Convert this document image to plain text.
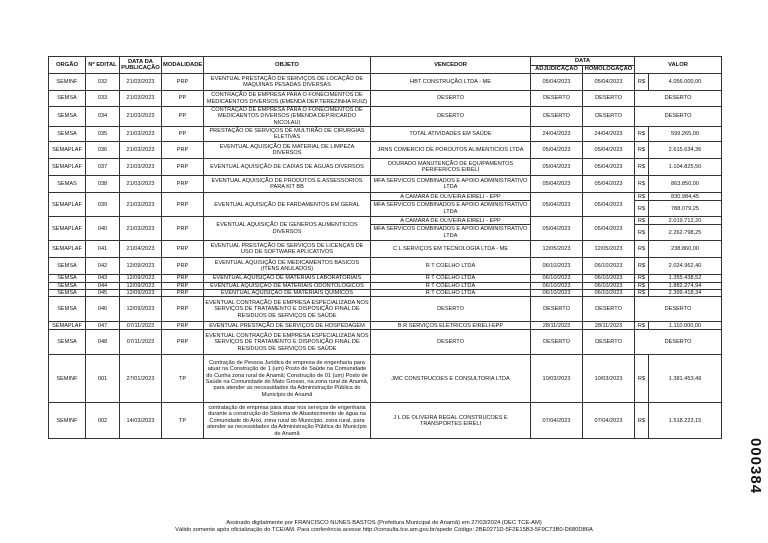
ORGÃO	Nº EDITAL	DATA DA PUBLICAÇÃO	MODALIDADE	OBJETO	VENCEDOR	DATA		VALOR	
						ADJUDICAÇÃO	HOMOLOGAÇÃO		
SEMINF	032	21/03/2023	PRP	EVENTUAL PRESTAÇÃO DE SERVIÇOS DE LOCAÇÃO DE MAQUINAS PESADAS DIVERSAS	HBT CONSTRUÇÃO LTDA - ME	05/04/2023	05/04/2023	R$	4.056.000,00
SEMSA	033	21/03/2023	PP	CONTRAÇÃO DE EMPRESA PARA O FONECIMENTOS DE MEDICAENTOS DIVERSOS (EMENDA DEP.TEREZINHA RUIZ)	DESERTO	DESERTO	DESERTO	DESERTO	
SEMSA	034	21/03/2023	PP	CONTRAÇÃO DE EMPRESA PARA O FONECIMENTOS DE MEDICAENTOS DIVERSOS (EMENDA DEP.RICARDO NICOLAU)	DESERTO	DESERTO	DESERTO	DESERTO	
SEMSA	035	21/03/2023	PP	PRESTAÇÃO DE SERVIÇOS DE MULTIRÃO DE CIRURGIAS ELETIVAS	TOTAL ATIVIDADES EM SAÚDE	24/04/2023	24/04/2023	R$	599.265,00
SEMAPLAF	036	21/03/2023	PRP	EVENTUAL AQUISIÇÃO DE MATERIAL DE LIMPEZA DIVERSOS	JRNS COMERCIO DE POROUTOS ALIMENTICIOS LTDA	05/04/2023	05/04/2023	R$	2.615.634,36
SEMAPLAF	037	21/03/2023	PRP	EVENTUAL AQUISIÇÃO DE CAIXAS DE AGUAS DIVERSOS	DOURADO MANUTENÇÃO DE EQUIPAMENTOS PERIFERICOS EIRELI	05/04/2023	05/04/2023	R$	1.104.825,50
SEMAS	038	21/03/2023	PRP	EVENTUAL AQUISIÇÃO DE PRODUTOS E ASSESSORIOS PARA KIT BB	MFA SERVICOS COMBINADOS E APOIO ADMINISTRATIVO LTDA	05/04/2023	05/04/2023	R$	863.850,00
SEMAPLAF	039	21/03/2023	PRP	EVENTUAL AQUISIÇÃO DE FARDAMENTOS EM GERAL	A CAMARA DE OLIVEIRA EIRELI - EPP	05/04/2023	05/04/2023	R$	830.984,45
					MFA SERVICOS COMBINADOS E APOIO ADMINISTRATIVO LTDA			R$	788.079,25
SEMAPLAF	040	21/03/2023	PRP	EVENTUAL AQUISIÇÃO DE GENEROS ALIMENTICIOS DIVERSOS	A CAMARA DE OLIVEIRA EIRELI - EPP	05/04/2023	05/04/2023	R$	2.019.712,20
					MFA SERVICOS COMBINADOS E APOIO ADMINISTRATIVO LTDA			R$	2.262.798,25
SEMAPLAF	041	21/04/2023	PRP	EVENTUAL PRESTAÇÃO DE SERVIÇOS DE LICENÇAS DE USO DE SOFTWARE APLICATIVOS	C L SERVIÇOS EM TECNOLOGIA LTDA - ME	12/05/2023	12/05/2023	R$	238.860,00
SEMSA	042	12/09/2023	PRP	EVENTUAL AQUISIÇÃO DE MEDICAMENTOS BASICOS (ITENS ANULADOS)	R T COELHO LTDA	06/10/2023	06/10/2023	R$	2.024.962,40
SEMSA	043	12/09/2023	PRP	EVENTUAL AQUISIÇÃO DE MATERIAIS LABORATORIAIS	R T COELHO LTDA	06/10/2023	06/10/2023	R$	1.355.438,52
SEMSA	044	12/09/2023	PRP	EVENTUAL AQUISIÇÃO DE MATERIAIS ODONTOLOGICOS	R T COELHO LTDA	06/10/2023	06/10/2023	R$	1.882.274,94
SEMSA	045	12/09/2023	PRP	EVENTUAL AQUISIÇÃO DE MATERIAIS QUIMICOS	R T COELHO LTDA	06/10/2023	06/10/2023	R$	2.399.418,34
SEMSA	046	12/09/2023	PRP	EVENTUAL CONTRAÇÃO DE EMPRESA ESPECIALIZADA NOS SERVIÇOS DE TRATAMENTO E DISPOSIÇÃO FINAL DE RESIDUOS DE SERVIÇOS DE SAÚDE	DESERTO	DESERTO	DESERTO	DESERTO	
SEMAPLAF	047	07/11/2023	PRP	EVENTUAL PRESTAÇÃO DE SERVIÇOS DE HOSPEDAGEM	B R SERVIÇOS ELETRICOS EIRELI-EPP	28/11/2023	28/11/2023	R$	1.110.000,00
SEMSA	048	07/11/2023	PRP	EVENTUAL CONTRAÇÃO DE EMPRESA ESPECIALIZADA NOS SERVIÇOS DE TRATAMENTO E DISPOSIÇÃO FINAL DE RESIDUOS DE SERVIÇOS DE SAÚDE	DESERTO	DESERTO	DESERTO	DESERTO	
SEMINF	001	27/01/2023	TP	Contração de Pessoa Juridica de empresa de engenharia para atuar na Construção de 1 (um) Posto de Saúde na Comunidade do Cunha zona rural de Anamã; Construção de 01 (um) Posto de Saúde na Comunidade do Mato Grosso, na zona rural de Anamã, para atender as necessidades da Administração Pública do Município de Anamã	JMC CONSTRUCOES E CONSULTORIA LTDA	10/03/2023	10/03/2023	R$	1.381.453,49
SEMINF	002	14/03/2023	TP	contratação de empresa para atuar nos serviços de engenharia durante a construção do Sistema de Abastecimento de água na Comunidade do Arixi, zona rural do Município, zona rural, para atender as necessidades da Administração Pública do Município de Anamã	J L DE OLIVEIRA REGAL CONSTRUCOES E TRANSPORTES EIRELI	07/04/2023	07/04/2023	R$	1.518.223,15
000384
Assinado digitalmente por FRANCISCO NUNES BASTOS (Prefeitura Municipal de Anamã) em 27/03/2024 (DEC TCE-AM)
Válido somente após oficialização do TCE/AM. Para conferência acesse http://consulta.tce.am.gov.br/spede Código: 2BE0271D-5F2E15B3-5F9C73B0-D680D86A
